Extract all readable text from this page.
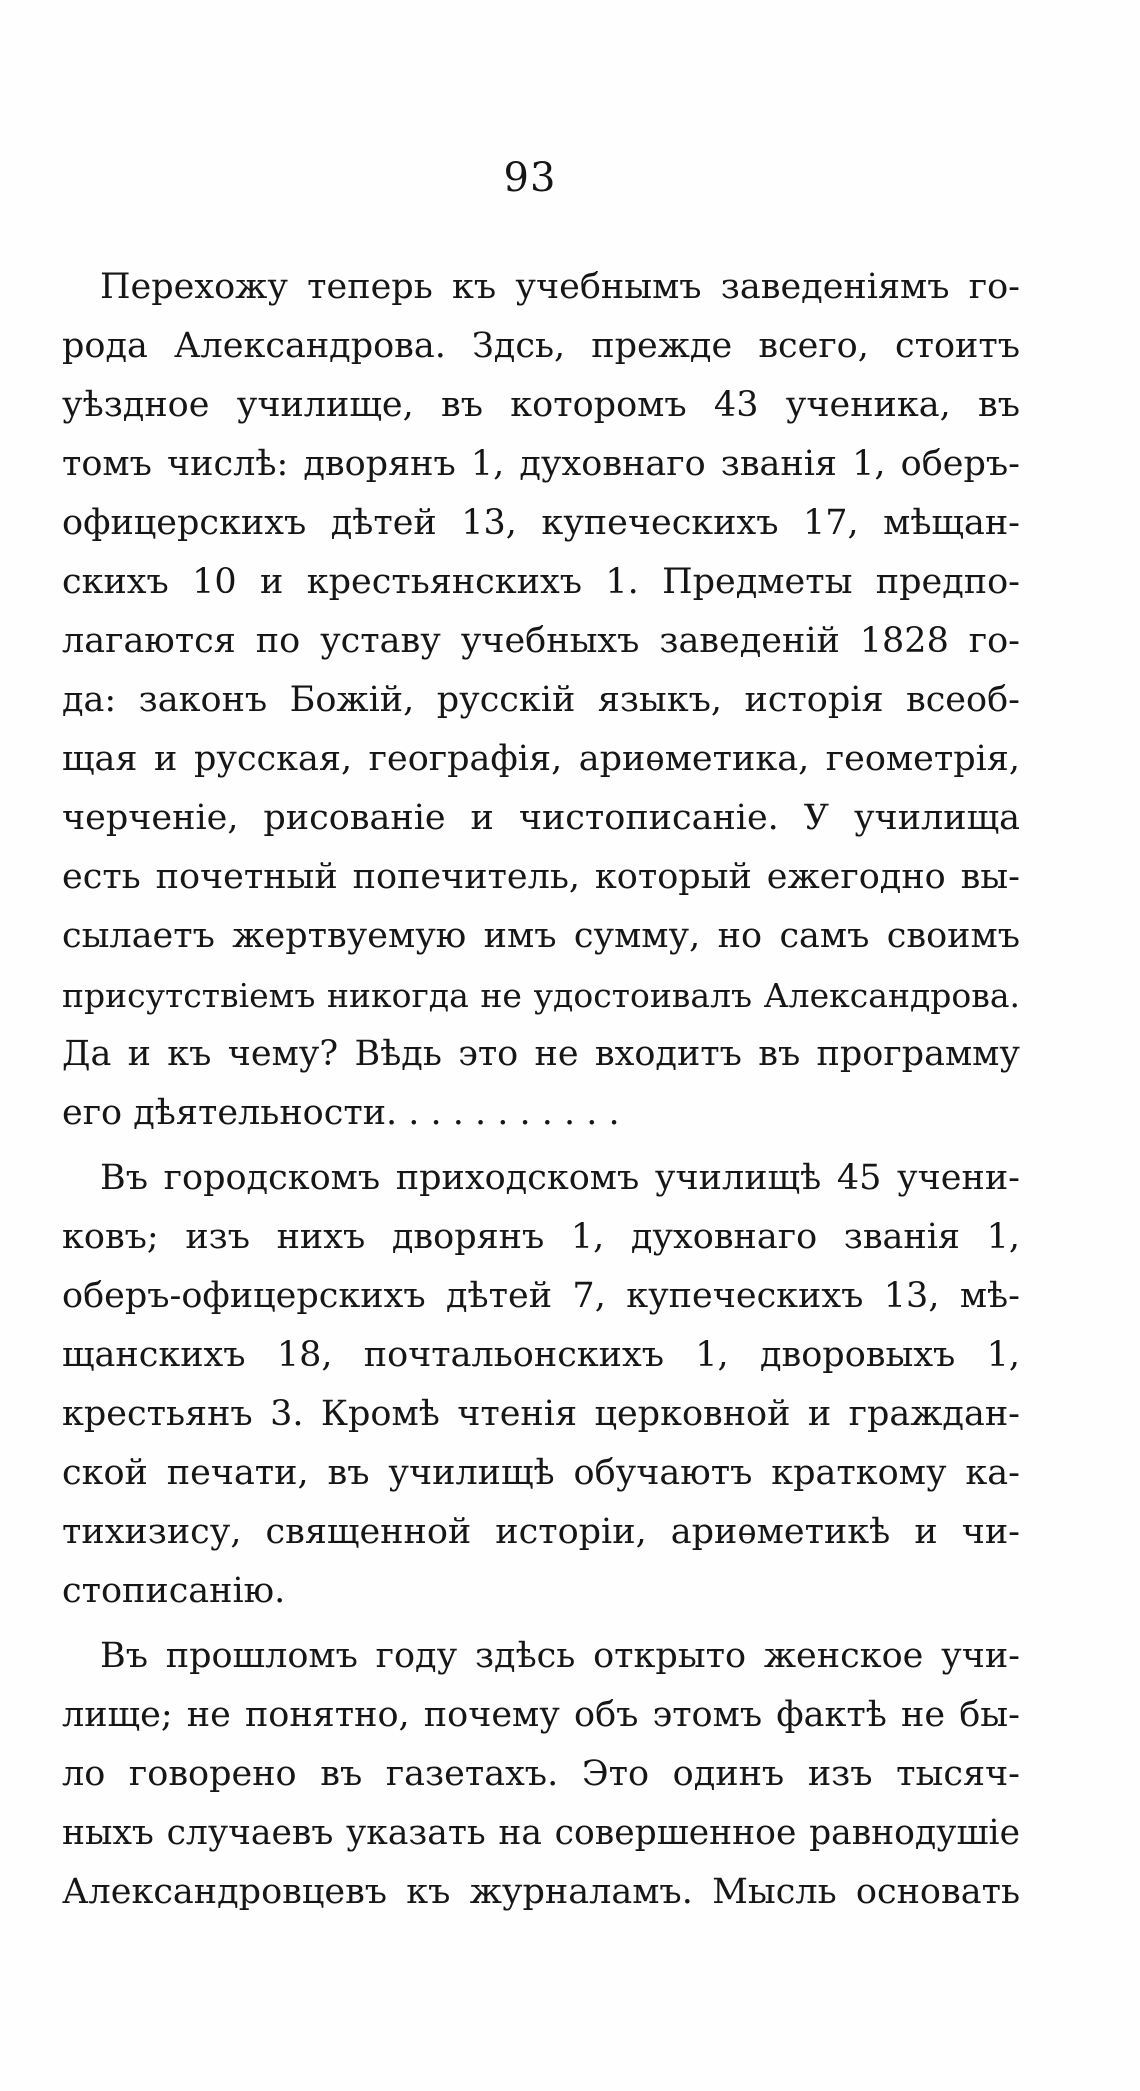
93
Перехожу теперь къ учебнымъ заведеніямъ го-
рода Александрова. Здсь, прежде всего, стоитъ
уѣздное училище, въ которомъ 43 ученика, въ
томъ числѣ: дворянъ 1, духовнаго званія 1, оберъ-
офицерскихъ дѣтей 13, купеческихъ 17, мѣщан-
скихъ 10 и крестьянскихъ 1. Предметы предпо-
лагаются по уставу учебныхъ заведеній 1828 го-
да: законъ Божій, русскій языкъ, исторія всеоб-
щая и русская, географія, ариѳметика, геометрія,
черченіе, рисованіе и чистописаніе. У училища
есть почетный попечитель, который ежегодно вы-
сылаетъ жертвуемую имъ сумму, но самъ своимъ
присутствіемъ никогда не удостоивалъ Александрова.
Да и къ чему? Вѣдь это не входитъ въ программу
его дѣятельности. . . . . . . . . . .
Въ городскомъ приходскомъ училищѣ 45 учени-
ковъ; изъ нихъ дворянъ 1, духовнаго званія 1,
оберъ-офицерскихъ дѣтей 7, купеческихъ 13, мѣ-
щанскихъ 18, почтальонскихъ 1, дворовыхъ 1,
крестьянъ 3. Кромѣ чтенія церковной и граждан-
ской печати, въ училищѣ обучаютъ краткому ка-
тихизису, священной исторіи, ариѳметикѣ и чи-
стописанію.
Въ прошломъ году здѣсь открыто женское учи-
лище; не понятно, почему объ этомъ фактѣ не бы-
ло говорено въ газетахъ. Это одинъ изъ тысяч-
ныхъ случаевъ указать на совершенное равнодушіе
Александровцевъ къ журналамъ. Мысль основать
